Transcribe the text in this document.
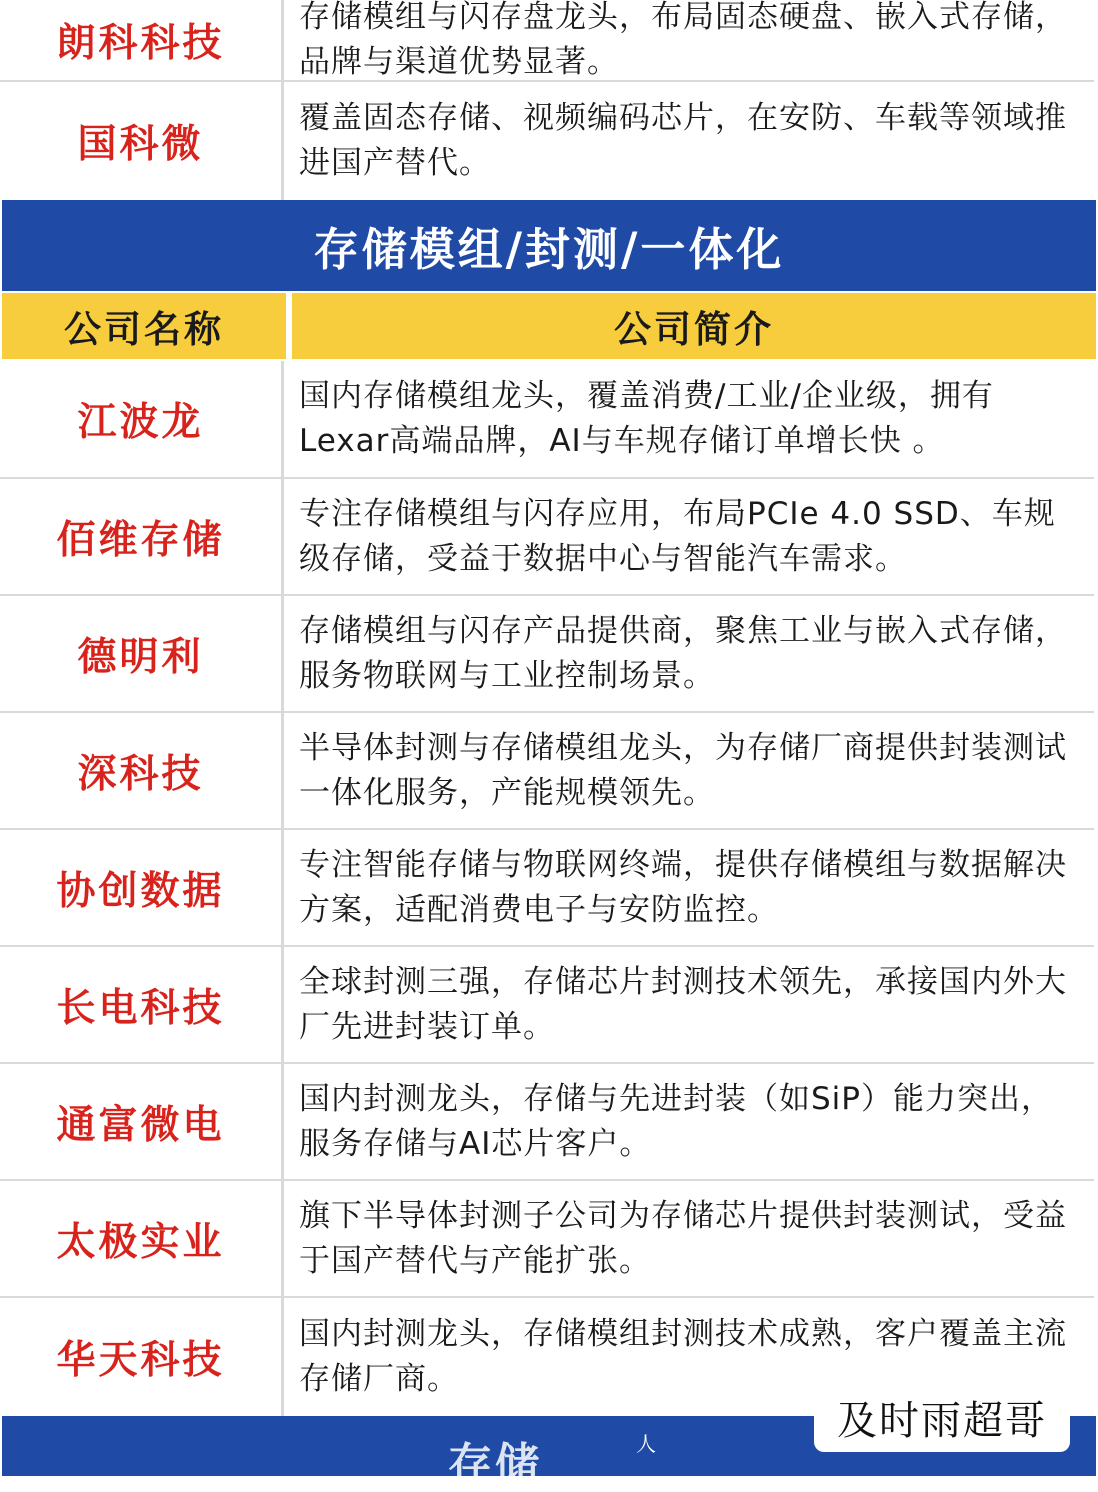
朗科科技
存储模组与闪存盘龙头，布局固态硬盘、嵌入式存储，品牌与渠道优势显著。
国科微
覆盖固态存储、视频编码芯片，在安防、车载等领域推进国产替代。
存储模组/封测/一体化
公司名称	公司简介
江波龙
国内存储模组龙头，覆盖消费/工业/企业级，拥有Lexar高端品牌，AI与车规存储订单增长快 。
佰维存储
专注存储模组与闪存应用，布局PCIe 4.0 SSD、车规级存储，受益于数据中心与智能汽车需求。
德明利
存储模组与闪存产品提供商，聚焦工业与嵌入式存储，服务物联网与工业控制场景。
深科技
半导体封测与存储模组龙头，为存储厂商提供封装测试一体化服务，产能规模领先。
协创数据
专注智能存储与物联网终端，提供存储模组与数据解决方案，适配消费电子与安防监控。
长电科技
全球封测三强，存储芯片封测技术领先，承接国内外大厂先进封装订单。
通富微电
国内封测龙头，存储与先进封装（如SiP）能力突出，服务存储与AI芯片客户。
太极实业
旗下半导体封测子公司为存储芯片提供封装测试，受益于国产替代与产能扩张。
华天科技
国内封测龙头，存储模组封测技术成熟，客户覆盖主流存储厂商。
存储	人
及时雨超哥
